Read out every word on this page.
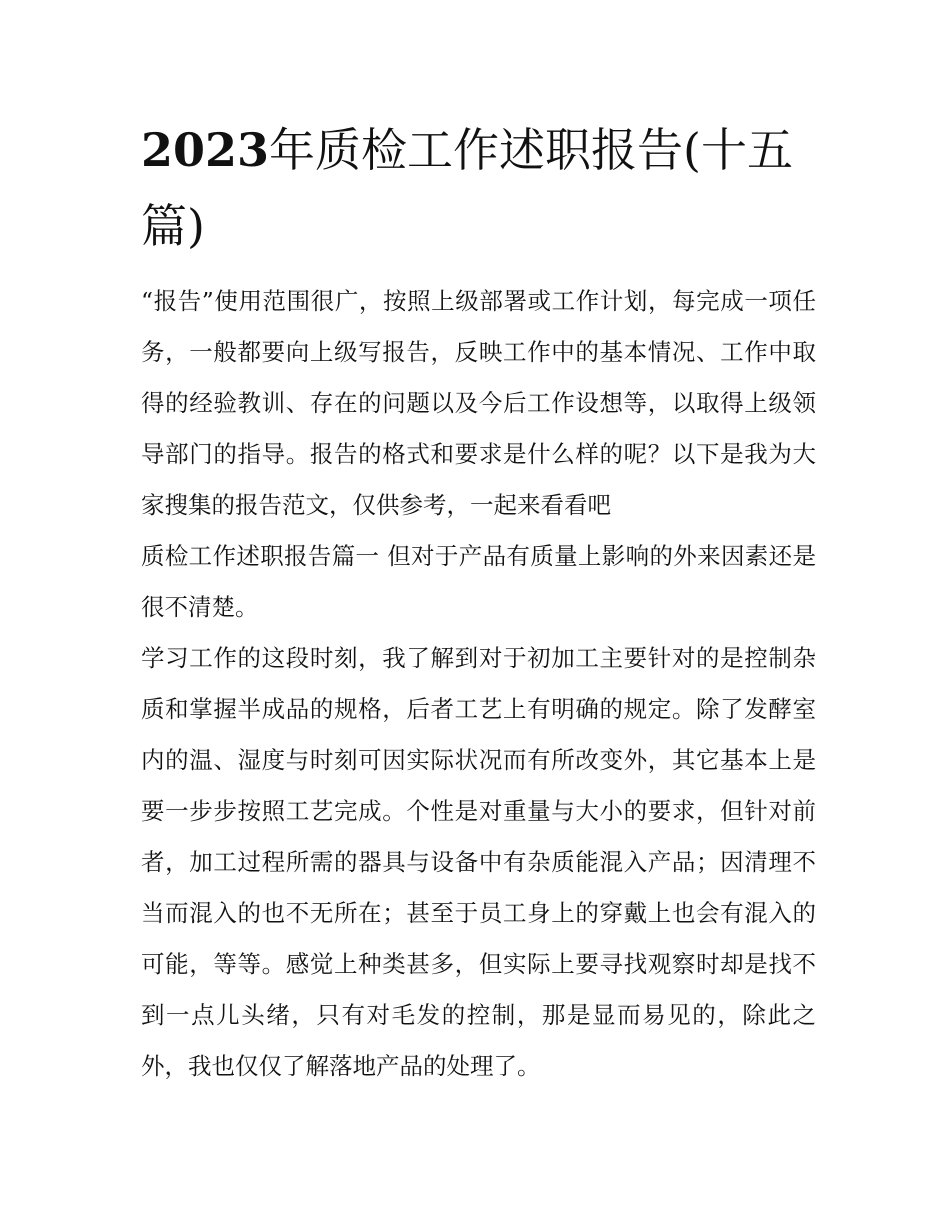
2023年质检工作述职报告(十五篇)

“报告”使用范围很广，按照上级部署或工作计划，每完成一项任务，一般都要向上级写报告，反映工作中的基本情况、工作中取得的经验教训、存在的问题以及今后工作设想等，以取得上级领导部门的指导。报告的格式和要求是什么样的呢？以下是我为大家搜集的报告范文，仅供参考，一起来看看吧

质检工作述职报告篇一 但对于产品有质量上影响的外来因素还是很不清楚。

学习工作的这段时刻，我了解到对于初加工主要针对的是控制杂质和掌握半成品的规格，后者工艺上有明确的规定。除了发酵室内的温、湿度与时刻可因实际状况而有所改变外，其它基本上是要一步步按照工艺完成。个性是对重量与大小的要求，但针对前者，加工过程所需的器具与设备中有杂质能混入产品；因清理不当而混入的也不无所在；甚至于员工身上的穿戴上也会有混入的可能，等等。感觉上种类甚多，但实际上要寻找观察时却是找不到一点儿头绪，只有对毛发的控制，那是显而易见的，除此之外，我也仅仅了解落地产品的处理了。
